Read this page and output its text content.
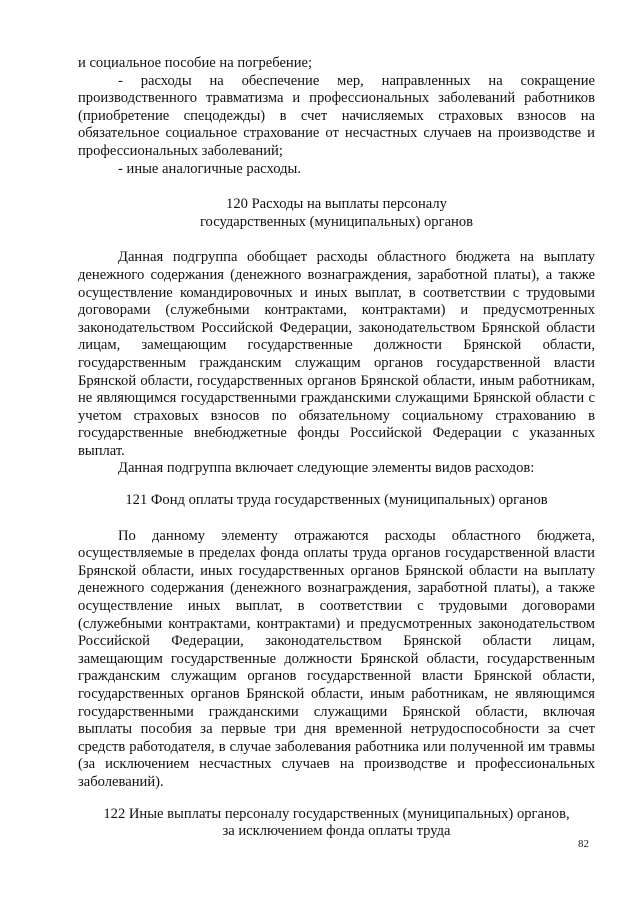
и социальное пособие на погребение;

- расходы на обеспечение мер, направленных на сокращение производственного травматизма и профессиональных заболеваний работников (приобретение спецодежды) в счет начисляемых страховых взносов на обязательное социальное страхование от несчастных случаев на производстве и профессиональных заболеваний;

- иные аналогичные расходы.

120 Расходы на выплаты персоналу
государственных (муниципальных) органов

Данная подгруппа обобщает расходы областного бюджета на выплату денежного содержания (денежного вознаграждения, заработной платы), а также осуществление командировочных и иных выплат, в соответствии с трудовыми договорами (служебными контрактами, контрактами) и предусмотренных законодательством Российской Федерации, законодательством Брянской области лицам, замещающим государственные должности Брянской области, государственным гражданским служащим органов государственной власти Брянской области, государственных органов Брянской области, иным работникам, не являющимся государственными гражданскими служащими Брянской области с учетом страховых взносов по обязательному социальному страхованию в государственные внебюджетные фонды Российской Федерации с указанных выплат.

Данная подгруппа включает следующие элементы видов расходов:

121 Фонд оплаты труда государственных (муниципальных) органов

По данному элементу отражаются расходы областного бюджета, осуществляемые в пределах фонда оплаты труда органов государственной власти Брянской области, иных государственных органов Брянской области на выплату денежного содержания (денежного вознаграждения, заработной платы), а также осуществление иных выплат, в соответствии с трудовыми договорами (служебными контрактами, контрактами) и предусмотренных законодательством Российской Федерации, законодательством Брянской области лицам, замещающим государственные должности Брянской области, государственным гражданским служащим органов государственной власти Брянской области, государственных органов Брянской области, иным работникам, не являющимся государственными гражданскими служащими Брянской области, включая выплаты пособия за первые три дня временной нетрудоспособности за счет средств работодателя, в случае заболевания работника или полученной им травмы (за исключением несчастных случаев на производстве и профессиональных заболеваний).

122 Иные выплаты персоналу государственных (муниципальных) органов,
за исключением фонда оплаты труда
82
